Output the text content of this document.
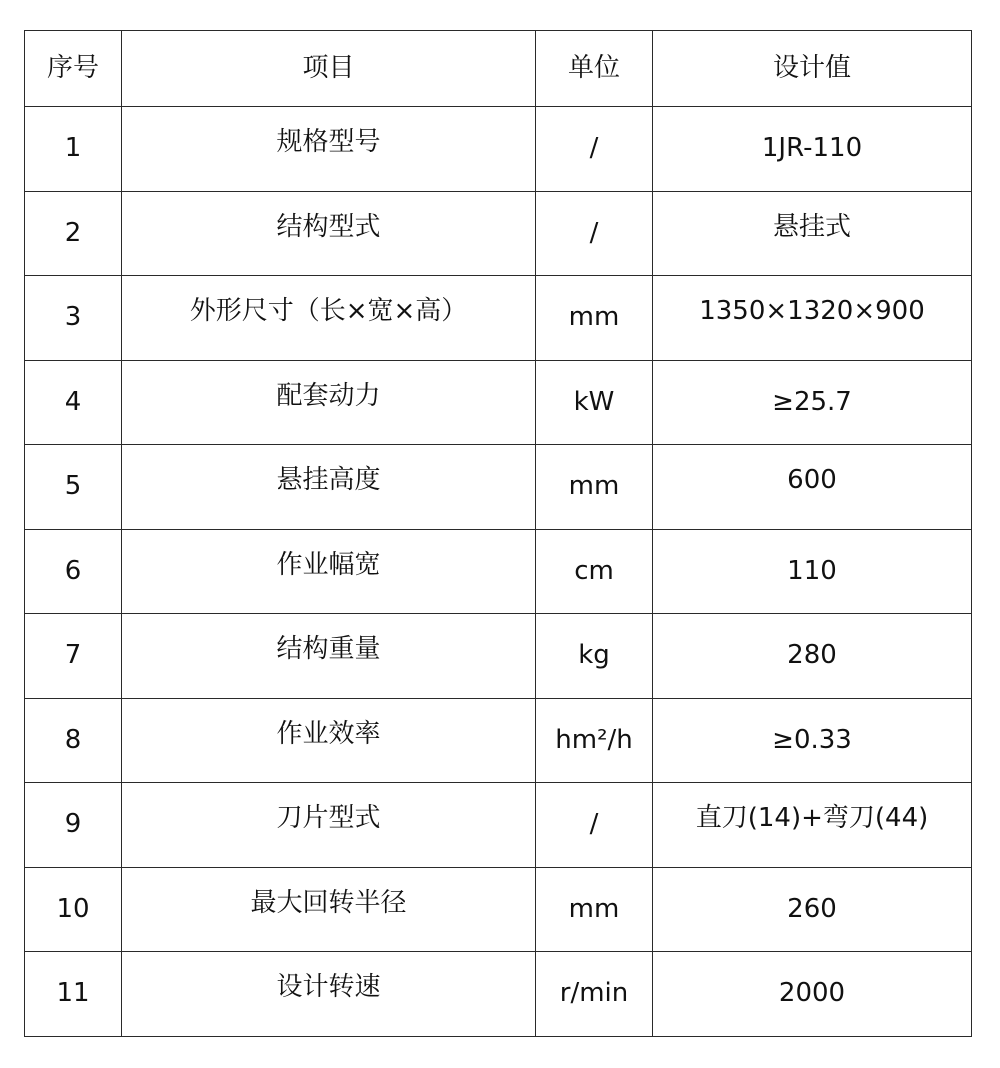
序号	项目	单位	设计值
1	规格型号	/	1JR-110
2	结构型式	/	悬挂式
3	外形尺寸（长×宽×高）	mm	1350×1320×900
4	配套动力	kW	≥25.7
5	悬挂高度	mm	600
6	作业幅宽	cm	110
7	结构重量	kg	280
8	作业效率	hm²/h	≥0.33
9	刀片型式	/	直刀(14)+弯刀(44)
10	最大回转半径	mm	260
11	设计转速	r/min	2000
